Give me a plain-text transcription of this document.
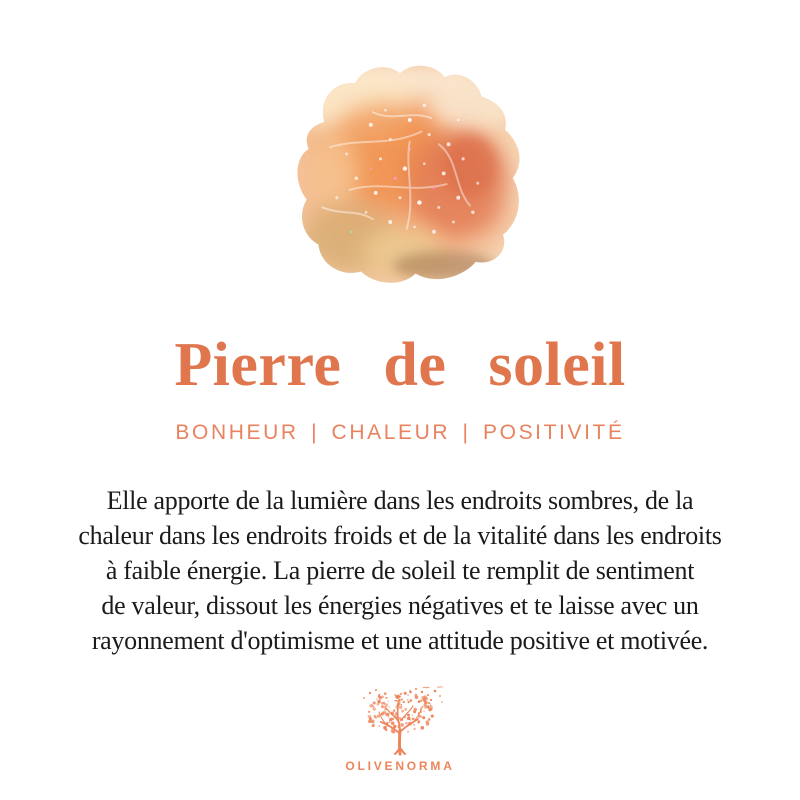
Pierre de soleil
BONHEUR | CHALEUR | POSITIVITÉ
Elle apporte de la lumière dans les endroits sombres, de la
chaleur dans les endroits froids et de la vitalité dans les endroits
à faible énergie. La pierre de soleil te remplit de sentiment
de valeur, dissout les énergies négatives et te laisse avec un
rayonnement d'optimisme et une attitude positive et motivée.
OLIVENORMA
